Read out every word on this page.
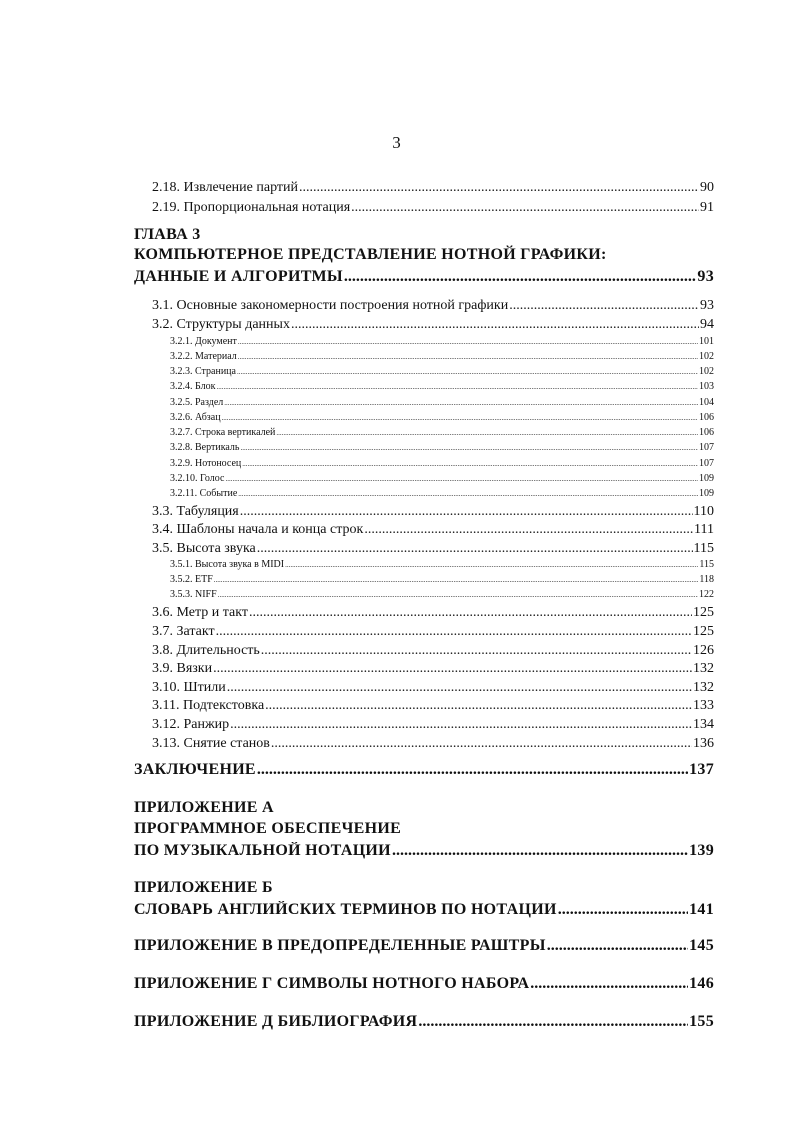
3
2.18. Извлечение партий .....	90
2.19. Пропорциональная нотация .....	91
ГЛАВА 3
КОМПЬЮТЕРНОЕ ПРЕДСТАВЛЕНИЕ НОТНОЙ ГРАФИКИ:
ДАННЫЕ И АЛГОРИТМЫ .....	93
3.1. Основные закономерности построения нотной графики .....	93
3.2. Структуры данных .....	94
3.2.1. Документ .....	101
3.2.2. Материал .....	102
3.2.3. Страница .....	102
3.2.4. Блок .....	103
3.2.5. Раздел .....	104
3.2.6. Абзац .....	106
3.2.7. Строка вертикалей .....	106
3.2.8. Вертикаль .....	107
3.2.9. Нотоносец .....	107
3.2.10. Голос .....	109
3.2.11. Событие .....	109
3.3. Табуляция .....	110
3.4. Шаблоны начала и конца строк .....	111
3.5. Высота звука .....	115
3.5.1. Высота звука в MIDI .....	115
3.5.2. ETF .....	118
3.5.3. NIFF .....	122
3.6. Метр и такт .....	125
3.7. Затакт .....	125
3.8. Длительность .....	126
3.9. Вязки .....	132
3.10. Штили .....	132
3.11. Подтекстовка .....	133
3.12. Ранжир .....	134
3.13. Снятие станов .....	136
ЗАКЛЮЧЕНИЕ .....	137
ПРИЛОЖЕНИЕ А
ПРОГРАММНОЕ ОБЕСПЕЧЕНИЕ
ПО МУЗЫКАЛЬНОЙ НОТАЦИИ .....	139
ПРИЛОЖЕНИЕ Б
СЛОВАРЬ АНГЛИЙСКИХ ТЕРМИНОВ ПО НОТАЦИИ .....	141
ПРИЛОЖЕНИЕ В ПРЕДОПРЕДЕЛЕННЫЕ РАШТРЫ .....	145
ПРИЛОЖЕНИЕ Г СИМВОЛЫ НОТНОГО НАБОРА .....	146
ПРИЛОЖЕНИЕ Д БИБЛИОГРАФИЯ .....	155
